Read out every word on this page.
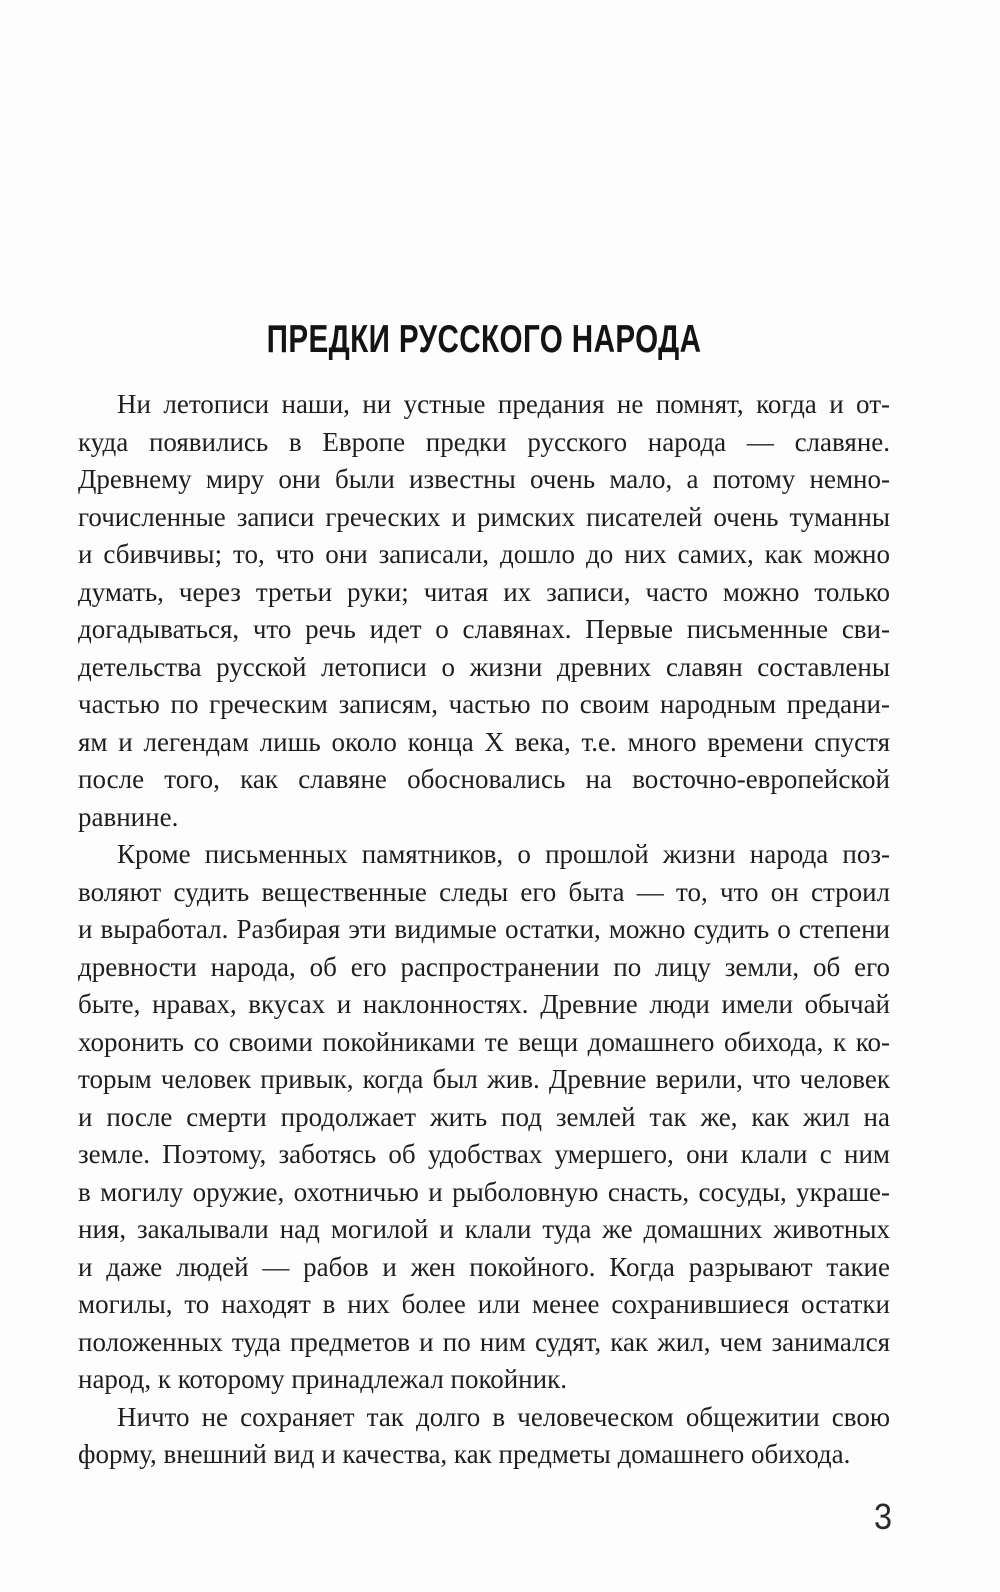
ПРЕДКИ РУССКОГО НАРОДА
Ни летописи наши, ни устные предания не помнят, когда и от-
куда появились в Европе предки русского народа — славяне.
Древнему миру они были известны очень мало, а потому немно-
гочисленные записи греческих и римских писателей очень туманны
и сбивчивы; то, что они записали, дошло до них самих, как можно
думать, через третьи руки; читая их записи, часто можно только
догадываться, что речь идет о славянах. Первые письменные сви-
детельства русской летописи о жизни древних славян составлены
частью по греческим записям, частью по своим народным предани-
ям и легендам лишь около конца X века, т.е. много времени спустя
после того, как славяне обосновались на восточно-европейской
равнине.
Кроме письменных памятников, о прошлой жизни народа поз-
воляют судить вещественные следы его быта — то, что он строил
и выработал. Разбирая эти видимые остатки, можно судить о степени
древности народа, об его распространении по лицу земли, об его
быте, нравах, вкусах и наклонностях. Древние люди имели обычай
хоронить со своими покойниками те вещи домашнего обихода, к ко-
торым человек привык, когда был жив. Древние верили, что человек
и после смерти продолжает жить под землей так же, как жил на
земле. Поэтому, заботясь об удобствах умершего, они клали с ним
в могилу оружие, охотничью и рыболовную снасть, сосуды, украше-
ния, закалывали над могилой и клали туда же домашних животных
и даже людей — рабов и жен покойного. Когда разрывают такие
могилы, то находят в них более или менее сохранившиеся остатки
положенных туда предметов и по ним судят, как жил, чем занимался
народ, к которому принадлежал покойник.
Ничто не сохраняет так долго в человеческом общежитии свою
форму, внешний вид и качества, как предметы домашнего обихода.
3
